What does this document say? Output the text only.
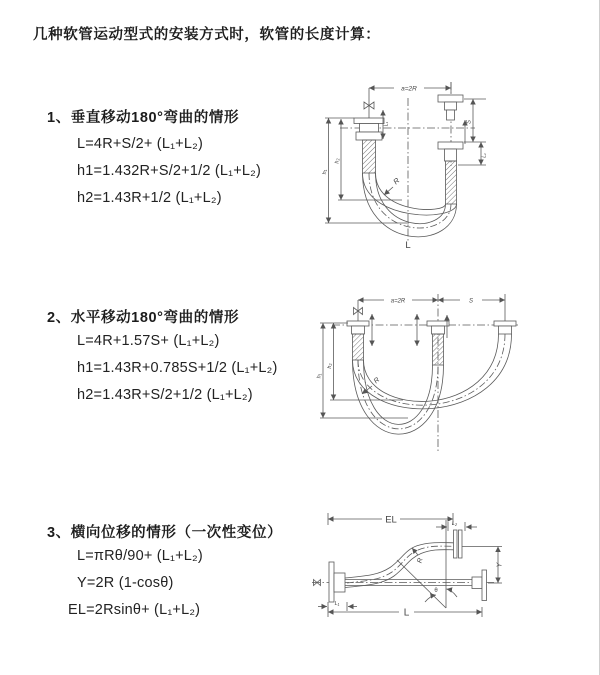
几种软管运动型式的安装方式时，软管的长度计算：
1、垂直移动180°弯曲的情形
L=4R+S/2+ (L₁+L₂)
h1=1.432R+S/2+1/2 (L₁+L₂)
h2=1.43R+1/2 (L₁+L₂)
a=2R
h₁
h₂
S
L₁
L₁
R
L
2、水平移动180°弯曲的情形
L=4R+1.57S+ (L₁+L₂)
h1=1.43R+0.785S+1/2 (L₁+L₂)
h2=1.43R+S/2+1/2 (L₁+L₂)
a=2R	S
h₁
h₂
R
3、横向位移的情形（一次性变位）
L=πRθ/90+ (L₁+L₂)
Y=2R (1-cosθ)
EL=2Rsinθ+ (L₁+L₂)
EL	L₂
Y
L₁
L
R
θ
